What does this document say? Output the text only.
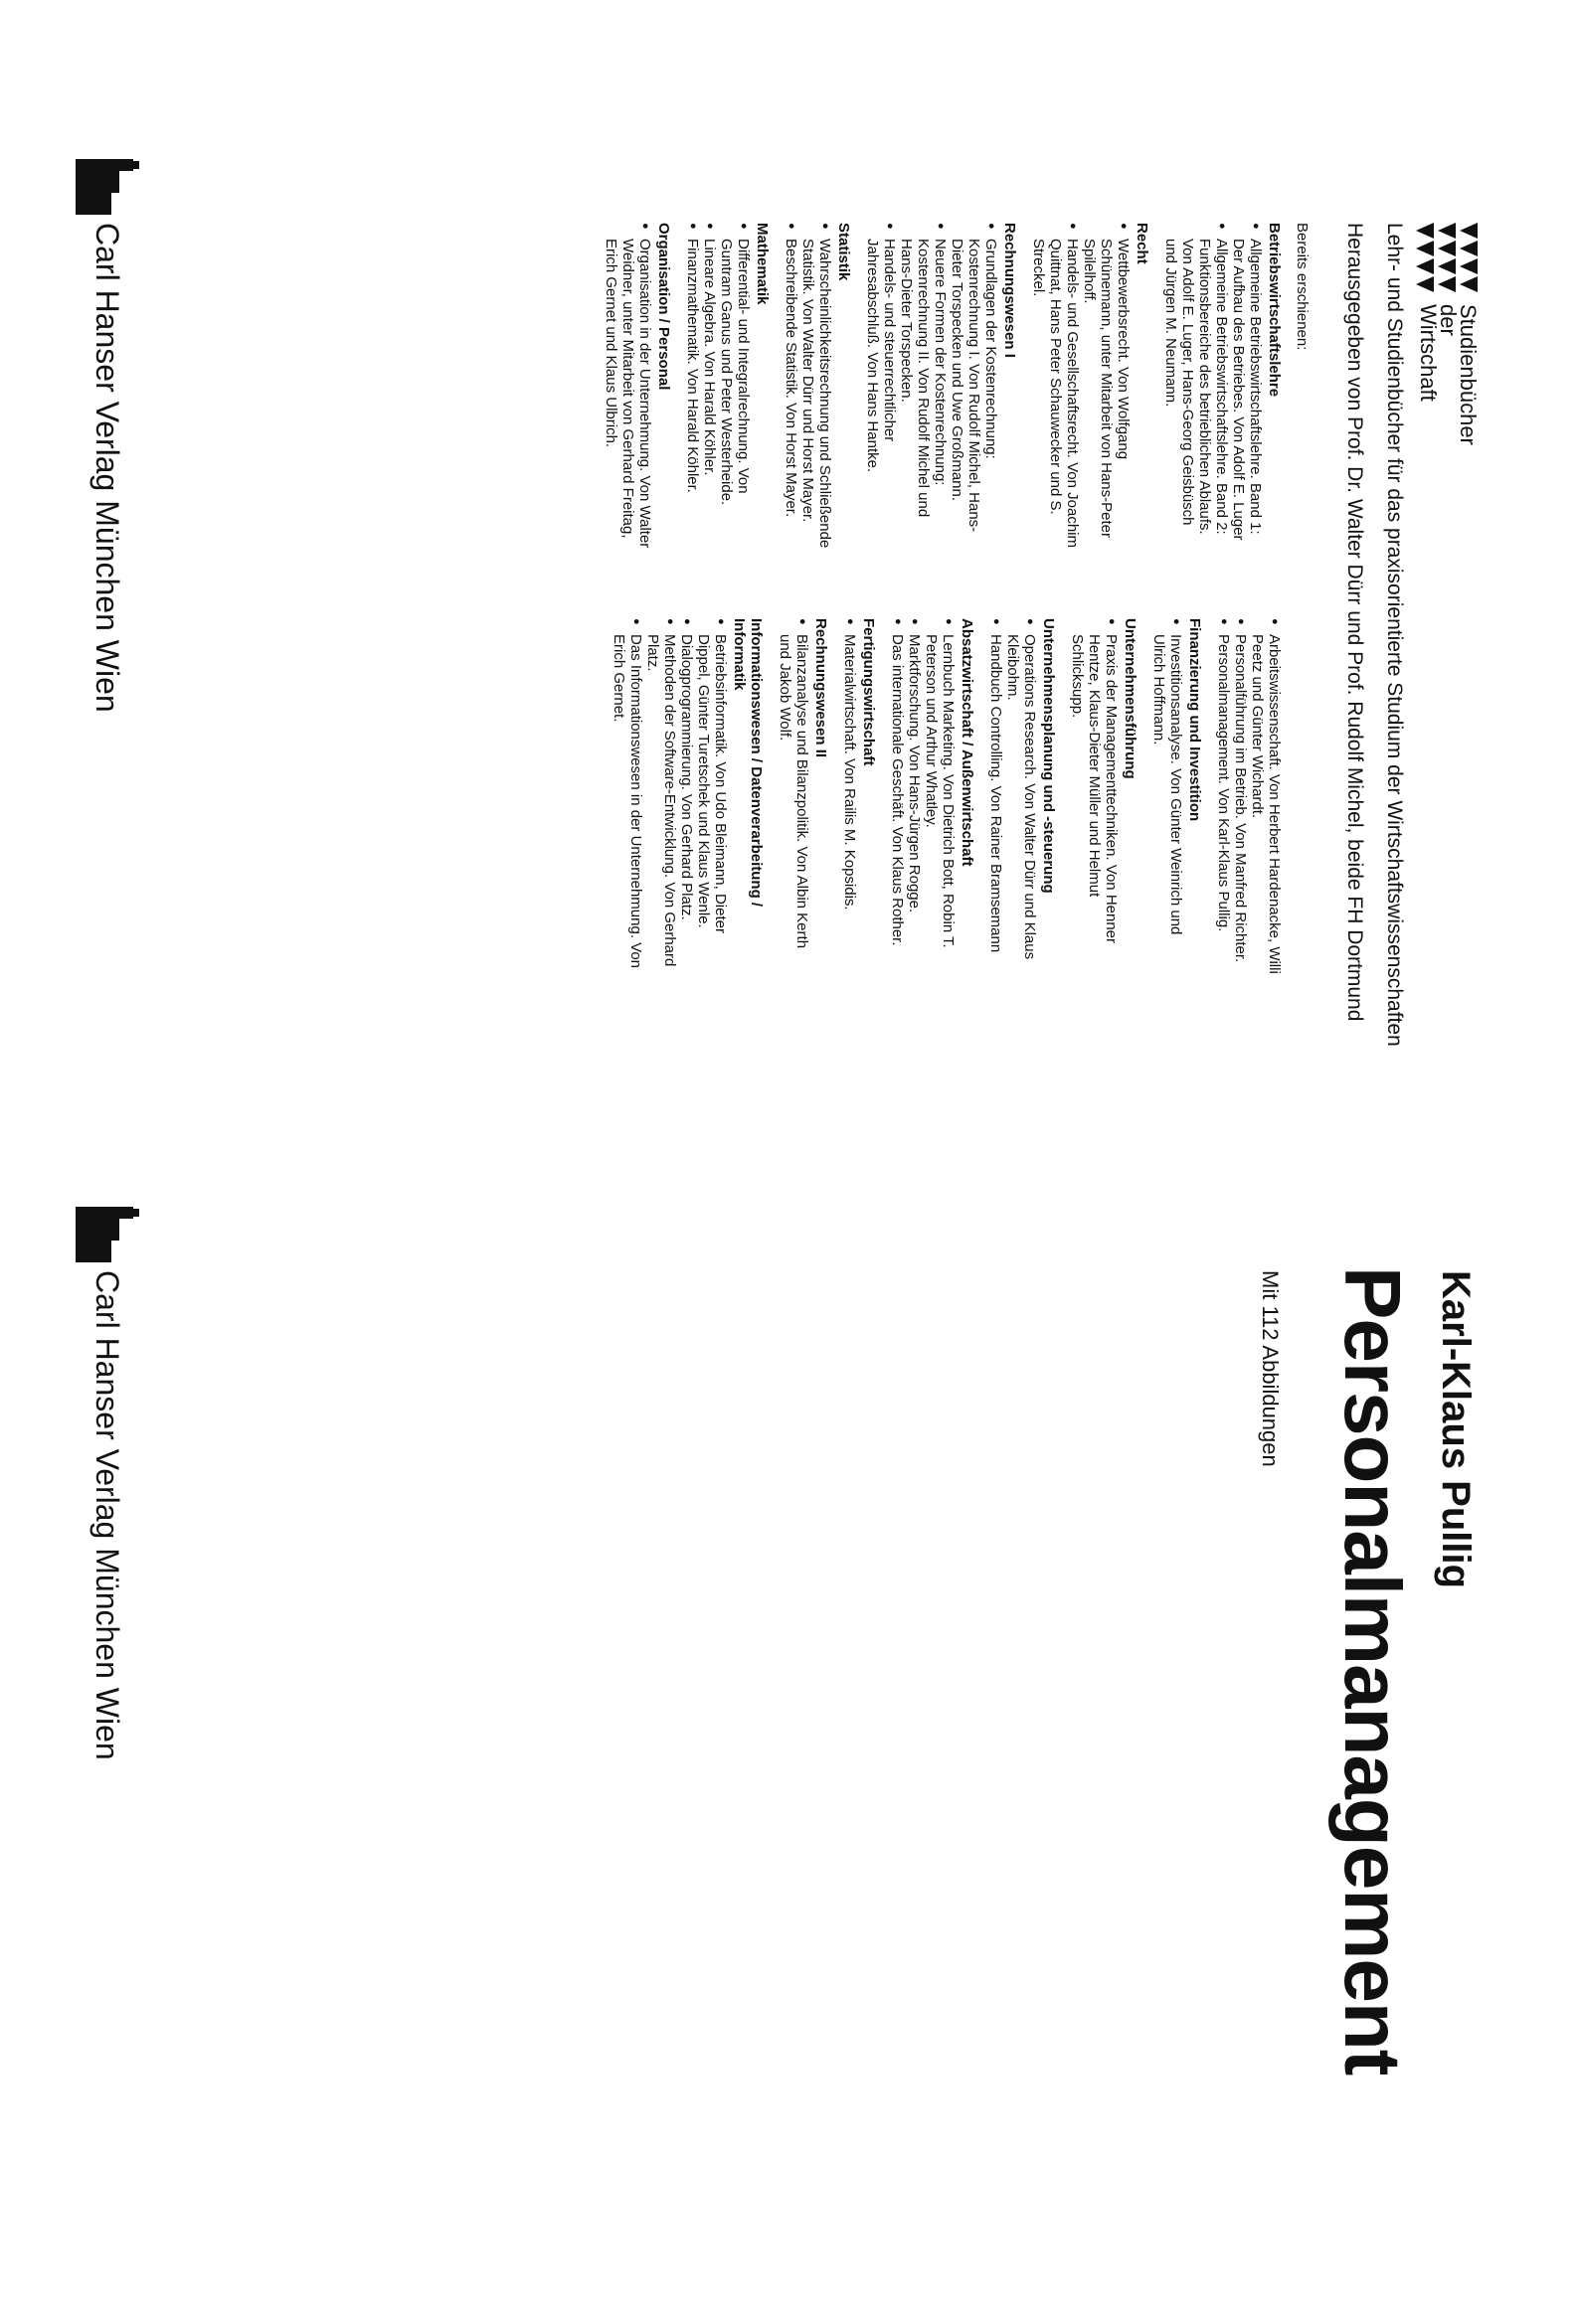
Studienbücher
der
Wirtschaft
Lehr- und Studienbücher für das praxisorientierte Studium der Wirtschaftswissenschaften
Herausgegeben von Prof. Dr. Walter Dürr und Prof. Rudolf Michel, beide FH Dortmund
Bereits erschienen:
Betriebswirtschaftslehre
● Allgemeine Betriebswirtschaftslehre. Band 1: Der Aufbau des Betriebes. Von Adolf E. Luger
● Allgemeine Betriebswirtschaftslehre. Band 2: Funktionsbereiche des betrieblichen Ablaufs. Von Adolf E. Luger, Hans-Georg Geisbüsch und Jürgen M. Neumann.
Recht
● Wettbewerbsrecht. Von Wolfgang Schünemann, unter Mitarbeit von Hans-Peter Spilelhoff.
● Handels- und Gesellschaftsrecht. Von Joachim Quittnat, Hans Peter Schauwecker und S. Streckel.
Rechnungswesen I
● Grundlagen der Kostenrechnung: Kostenrechnung I. Von Rudolf Michel, Hans-Dieter Torspecken und Uwe Großmann.
● Neuere Formen der Kostenrechnung: Kostenrechnung II. Von Rudolf Michel und Hans-Dieter Torspecken.
● Handels- und steuerrechtlicher Jahresabschluß. Von Hans Hantke.
Statistik
● Wahrscheinlichkeitsrechnung und Schließende Statistik. Von Walter Dürr und Horst Mayer.
● Beschreibende Statistik. Von Horst Mayer.
Mathematik
● Differential- und Integralrechnung. Von Guntram Ganus und Peter Westerheide.
● Lineare Algebra. Von Harald Köhler.
● Finanzmathematik. Von Harald Köhler.
Organisation / Personal
● Organisation in der Unternehmung. Von Walter Weidner, unter Mitarbeit von Gerhard Freitag, Erich Gernet und Klaus Ulbrich.
● Arbeitswissenschaft. Von Herbert Hardenacke, Willi Peetz und Günter Wichardt.
● Personalführung im Betrieb. Von Manfred Richter.
● Personalmanagement. Von Karl-Klaus Pullig.
Finanzierung und Investition
● Investitionsanalyse. Von Günter Weinrich und Ulrich Hoffmann.
Unternehmensführung
● Praxis der Managementtechniken. Von Henner Hentze, Klaus-Dieter Müller und Helmut Schlicksupp.
Unternehmensplanung und -steuerung
● Operations Research. Von Walter Dürr und Klaus Kleibohm.
● Handbuch Controlling. Von Rainer Bramsemann
Absatzwirtschaft / Außenwirtschaft
● Lernbuch Marketing. Von Dietrich Bott, Robin T. Peterson und Arthur Whatley.
● Marktforschung. Von Hans-Jürgen Rogge.
● Das internationale Geschäft. Von Klaus Rother.
Fertigungswirtschaft
● Materialwirtschaft. Von Railis M. Kopsidis.
Rechnungswesen II
● Bilanzanalyse und Bilanzpolitik. Von Albin Kerth und Jakob Wolf.
Informationswesen / Datenverarbeitung / Informatik
● Betriebsinformatik. Von Udo Bleimann, Dieter Dippel, Günter Turetschek und Klaus Wenle.
● Dialogprogrammierung. Von Gerhard Platz.
● Methoden der Software-Entwicklung. Von Gerhard Platz.
● Das Informationswesen in der Unternehmung. Von Erich Gernet.
Carl Hanser Verlag München Wien
Karl-Klaus Pullig
Personalmanagement
Mit 112 Abbildungen
Carl Hanser Verlag München Wien
